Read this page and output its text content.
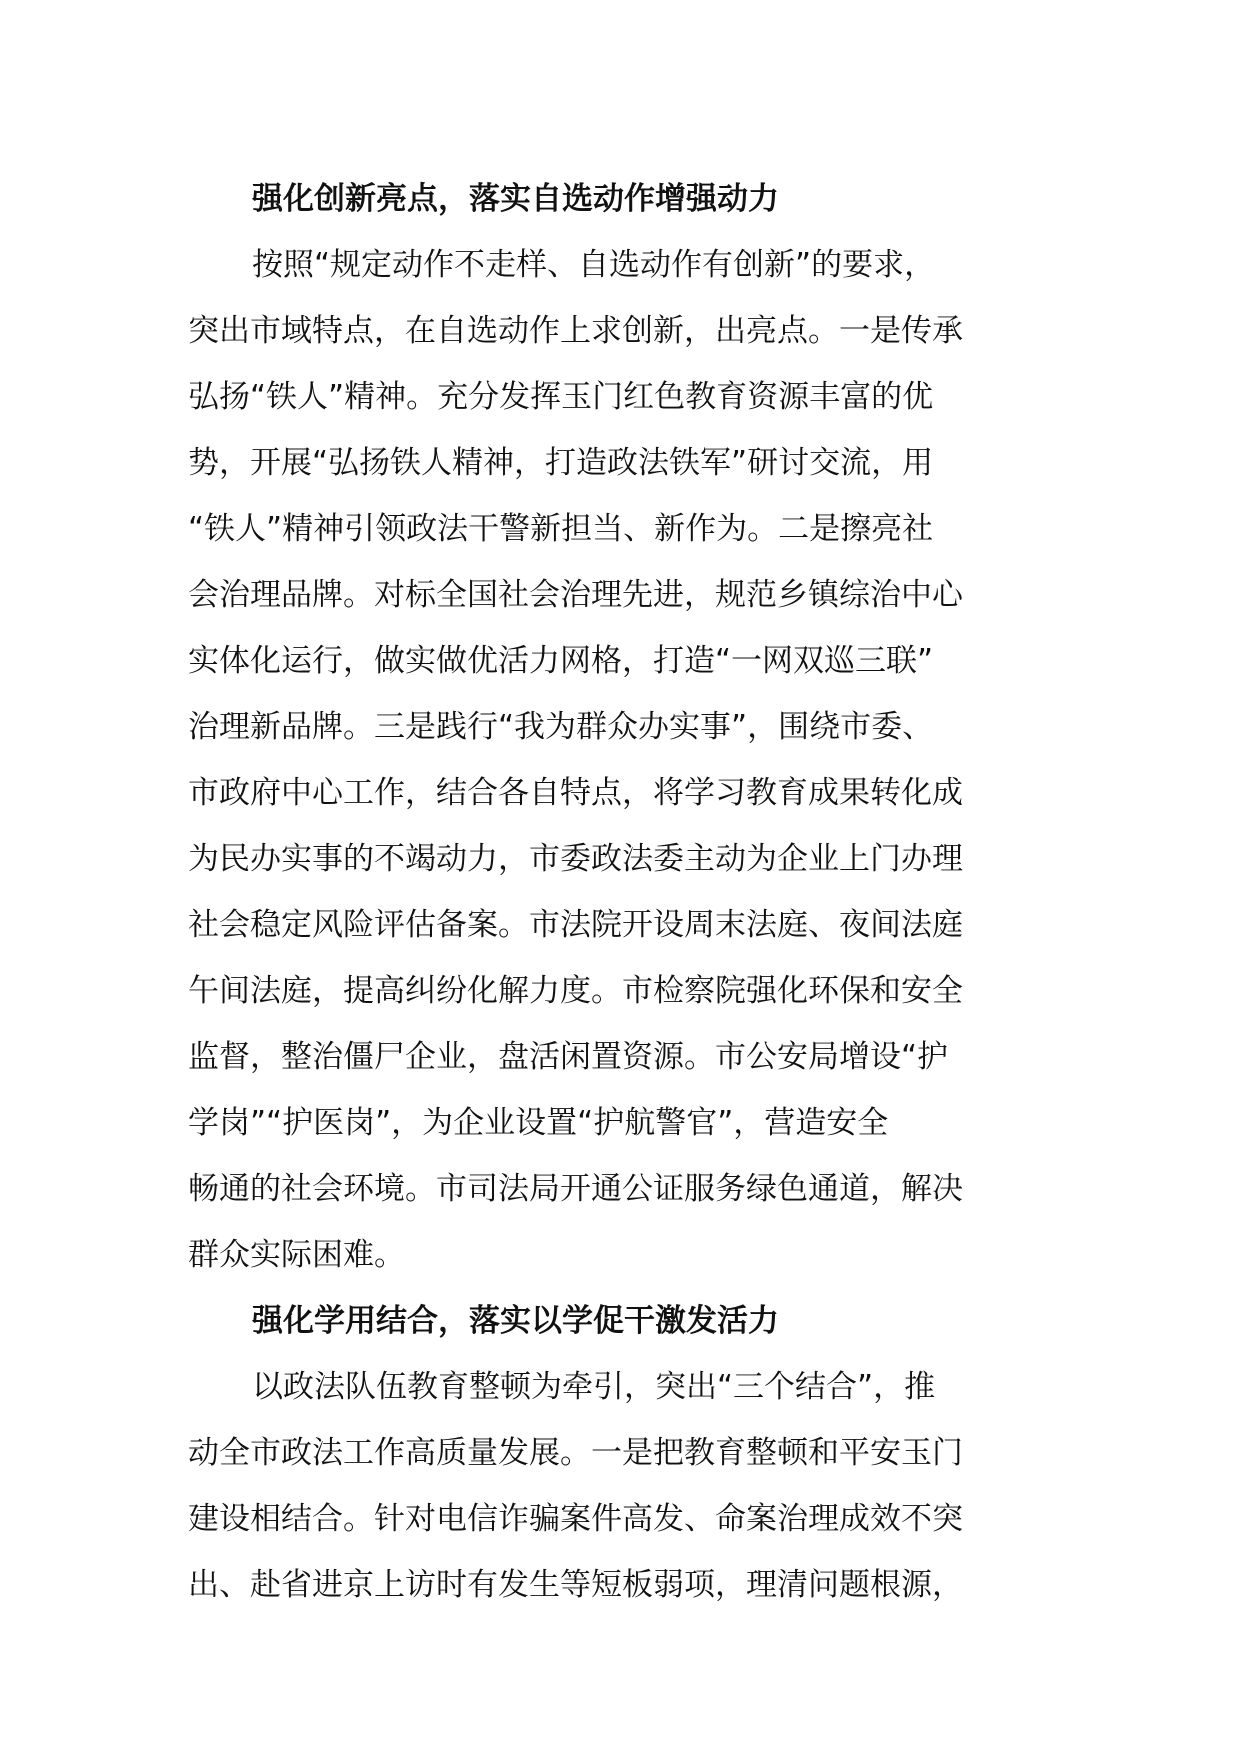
强化创新亮点，落实自选动作增强动力
按照“规定动作不走样、自选动作有创新”的要求，
突出市域特点，在自选动作上求创新，出亮点。一是传承
弘扬“铁人”精神。充分发挥玉门红色教育资源丰富的优
势，开展“弘扬铁人精神，打造政法铁军”研讨交流，用
“铁人”精神引领政法干警新担当、新作为。二是擦亮社
会治理品牌。对标全国社会治理先进，规范乡镇综治中心
实体化运行，做实做优活力网格，打造“一网双巡三联”
治理新品牌。三是践行“我为群众办实事”，围绕市委、
市政府中心工作，结合各自特点，将学习教育成果转化成
为民办实事的不竭动力，市委政法委主动为企业上门办理
社会稳定风险评估备案。市法院开设周末法庭、夜间法庭
午间法庭，提高纠纷化解力度。市检察院强化环保和安全
监督，整治僵尸企业，盘活闲置资源。市公安局增设“护
学岗”“护医岗”，为企业设置“护航警官”，营造安全
畅通的社会环境。市司法局开通公证服务绿色通道，解决
群众实际困难。
强化学用结合，落实以学促干激发活力
以政法队伍教育整顿为牵引，突出“三个结合”，推
动全市政法工作高质量发展。一是把教育整顿和平安玉门
建设相结合。针对电信诈骗案件高发、命案治理成效不突
出、赴省进京上访时有发生等短板弱项，理清问题根源，
